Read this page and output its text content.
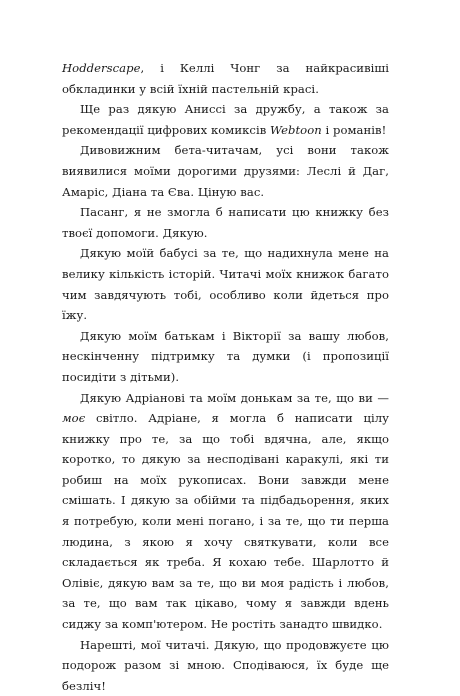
Hodderscape, і Келлі Чонг за найкрасивіші обкладинки у всій їхній пастельній красі.

Ще раз дякую Аниссі за дружбу, а також за рекомендації цифрових комиксів Webtoon і романів!

Дивовижним бета-читачам, усі вони також виявилися моїми дорогими друзями: Леслі й Даг, Амаріс, Діана та Єва. Ціную вас.

Пасанг, я не змогла б написати цю книжку без твоєї допомоги. Дякую.

Дякую моїй бабусі за те, що надихнула мене на велику кількість історій. Читачі моїх книжок багато чим завдячують тобі, особливо коли йдеться про їжу.

Дякую моїм батькам і Вікторії за вашу любов, нескінченну підтримку та думки (і пропозиції посидіти з дітьми).

Дякую Адріанові та моїм донькам за те, що ви — моє світло. Адріане, я могла б написати цілу книжку про те, за що тобі вдячна, але, якщо коротко, то дякую за несподівані каракулі, які ти робиш на моїх рукописах. Вони завжди мене смішать. І дякую за обійми та підбадьорення, яких я потребую, коли мені погано, і за те, що ти перша людина, з якою я хочу святкувати, коли все складається як треба. Я кохаю тебе. Шарлотто й Олівіє, дякую вам за те, що ви моя радість і любов, за те, що вам так цікаво, чому я завжди вдень сиджу за комп'ютером. Не ростіть занадто швидко.

Нарешті, мої читачі. Дякую, що продовжуєте цю подорож разом зі мною. Сподіваюся, їх буде ще безліч!
